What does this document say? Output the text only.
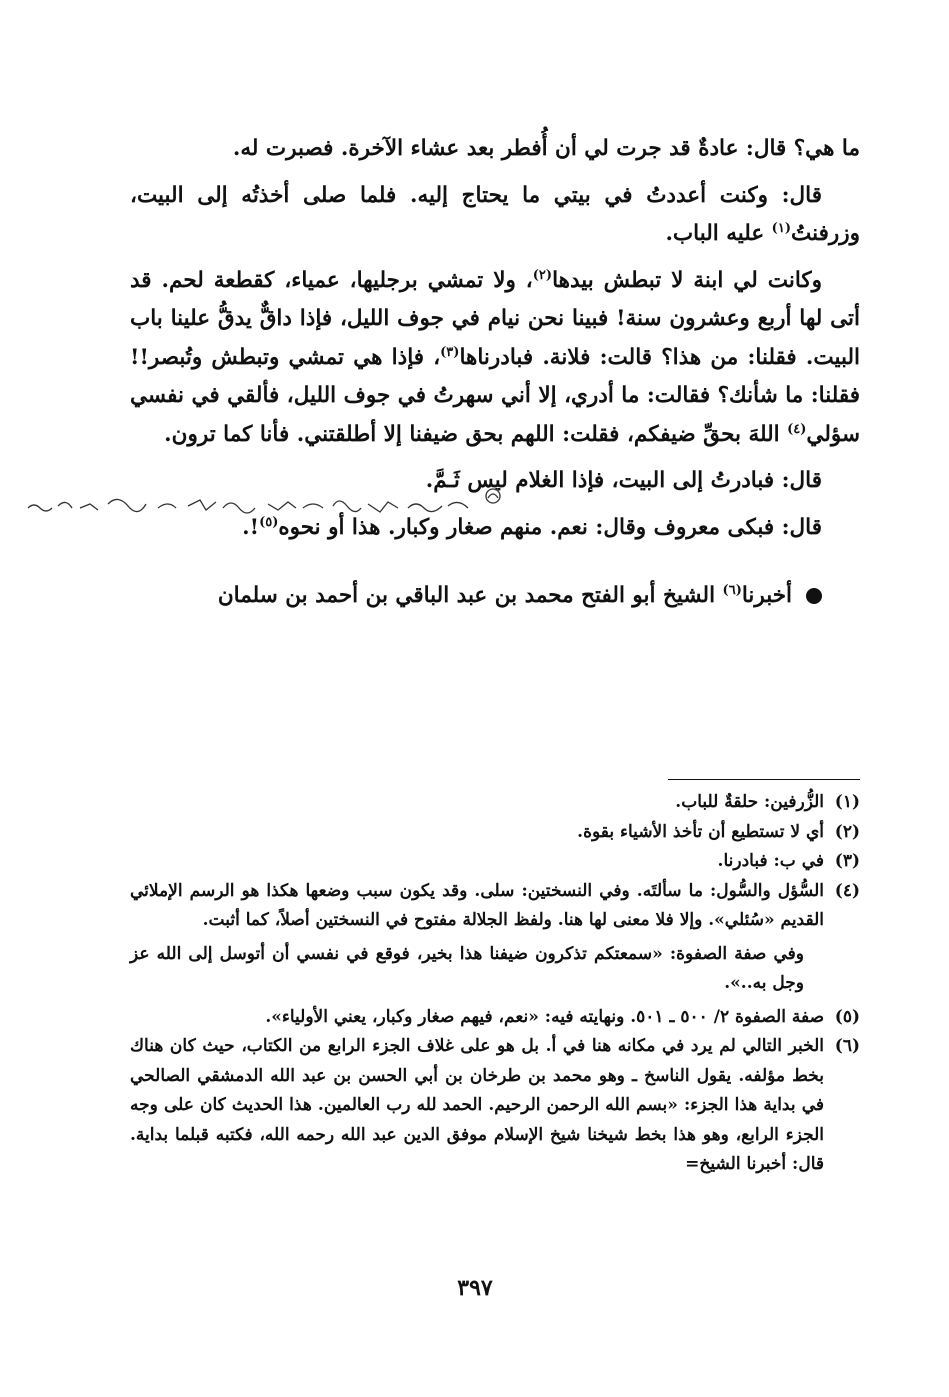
ما هي؟ قال: عادةٌ قد جرت لي أن أُفطر بعد عشاء الآخرة. فصبرت له.

قال: وكنت أعددتُ في بيتي ما يحتاج إليه. فلما صلى أخذتُه إلى البيت، وزرفنتُ$^{(١)}$ عليه الباب.

وكانت لي ابنة لا تبطش بيدها$^{(٢)}$، ولا تمشي برجليها، عمياء، كقطعة لحم. قد أتى لها أربع وعشرون سنة! فبينا نحن نيام في جوف الليل، فإذا داقٌّ يدقُّ علينا باب البيت. فقلنا: من هذا؟ قالت: فلانة. فبادرناها$^{(٣)}$، فإذا هي تمشي وتبطش وتُبصر!! فقلنا: ما شأنك؟ فقالت: ما أدري، إلا أني سهرتُ في جوف الليل، فألقي في نفسي سؤلي$^{(٤)}$ اللهَ بحقِّ ضيفكم، فقلت: اللهم بحق ضيفنا إلا أطلقتني. فأنا كما ترون.

قال: فبادرتُ إلى البيت، فإذا الغلام ليس ثَـمَّ.

قال: فبكى معروف وقال: نعم. منهم صغار وكبار. هذا أو نحوه$^{(٥)}$!.

أخبرنا$^{(٦)}$ الشيخ أبو الفتح محمد بن عبد الباقي بن أحمد بن سلمان

(١)
الزُّرفين: حلقةٌ للباب.
(٢)
أي لا تستطيع أن تأخذ الأشياء بقوة.
(٣)
في ب: فبادرنا.
(٤)
السُّؤل والسُّول: ما سألتَه. وفي النسختين: سلى. وقد يكون سبب وضعها هكذا هو الرسم الإملائي القديم «سُئلي». وإلا فلا معنى لها هنا. ولفظ الجلالة مفتوح في النسختين أصلاً، كما أثبت.

وفي صفة الصفوة: «سمعتكم تذكرون ضيفنا هذا بخير، فوقع في نفسي أن أتوسل إلى الله عز وجل به..».

(٥)
صفة الصفوة ٢/ ٥٠٠ ـ ٥٠١. ونهايته فيه: «نعم، فيهم صغار وكبار، يعني الأولياء».
(٦)
الخبر التالي لم يرد في مكانه هنا في أ. بل هو على غلاف الجزء الرابع من الكتاب، حيث كان هناك بخط مؤلفه. يقول الناسخ ـ وهو محمد بن طرخان بن أبي الحسن بن عبد الله الدمشقي الصالحي في بداية هذا الجزء: «بسم الله الرحمن الرحيم. الحمد لله رب العالمين. هذا الحديث كان على وجه الجزء الرابع، وهو هذا بخط شيخنا شيخ الإسلام موفق الدين عبد الله رحمه الله، فكتبه قبلما بداية. قال: أخبرنا الشيخ=
٣٩٧
